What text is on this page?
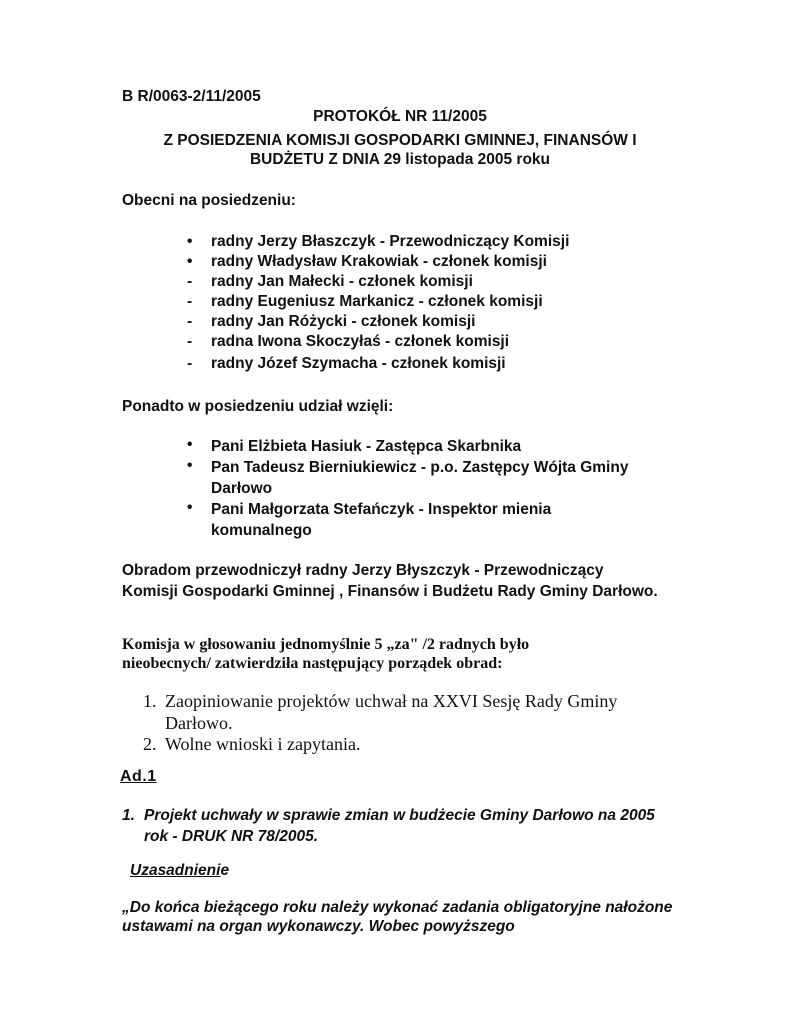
B R/0063-2/11/2005
PROTOKÓŁ NR 11/2005
Z POSIEDZENIA KOMISJI GOSPODARKI GMINNEJ, FINANSÓW I
BUDŻETU Z DNIA 29 listopada 2005 roku
Obecni na posiedzeniu:
• radny Jerzy Błaszczyk - Przewodniczący Komisji
• radny Władysław Krakowiak - członek komisji
- radny Jan Małecki - członek komisji
- radny Eugeniusz Markanicz - członek komisji
- radny Jan Różycki - członek komisji
- radna Iwona Skoczyłaś - członek komisji
- radny Józef Szymacha - członek komisji
Ponadto w posiedzeniu udział wzięli:
• Pani Elżbieta Hasiuk - Zastępca Skarbnika
• Pan Tadeusz Bierniukiewicz - p.o. Zastępcy Wójta Gminy Darłowo
• Pani Małgorzata Stefańczyk - Inspektor mienia komunalnego
Obradom przewodniczył radny Jerzy Błyszczyk - Przewodniczący Komisji Gospodarki Gminnej , Finansów i Budżetu Rady Gminy Darłowo.
Komisja w głosowaniu jednomyślnie 5 „za" /2 radnych było nieobecnych/ zatwierdziła następujący porządek obrad:
1. Zaopiniowanie projektów uchwał na XXVI Sesję Rady Gminy Darłowo.
2. Wolne wnioski i zapytania.
Ad.1
1. Projekt uchwały w sprawie zmian w budżecie Gminy Darłowo na 2005 rok - DRUK NR 78/2005.
Uzasadnienie
„Do końca bieżącego roku należy wykonać zadania obligatoryjne nałożone ustawami na organ wykonawczy. Wobec powyższego
